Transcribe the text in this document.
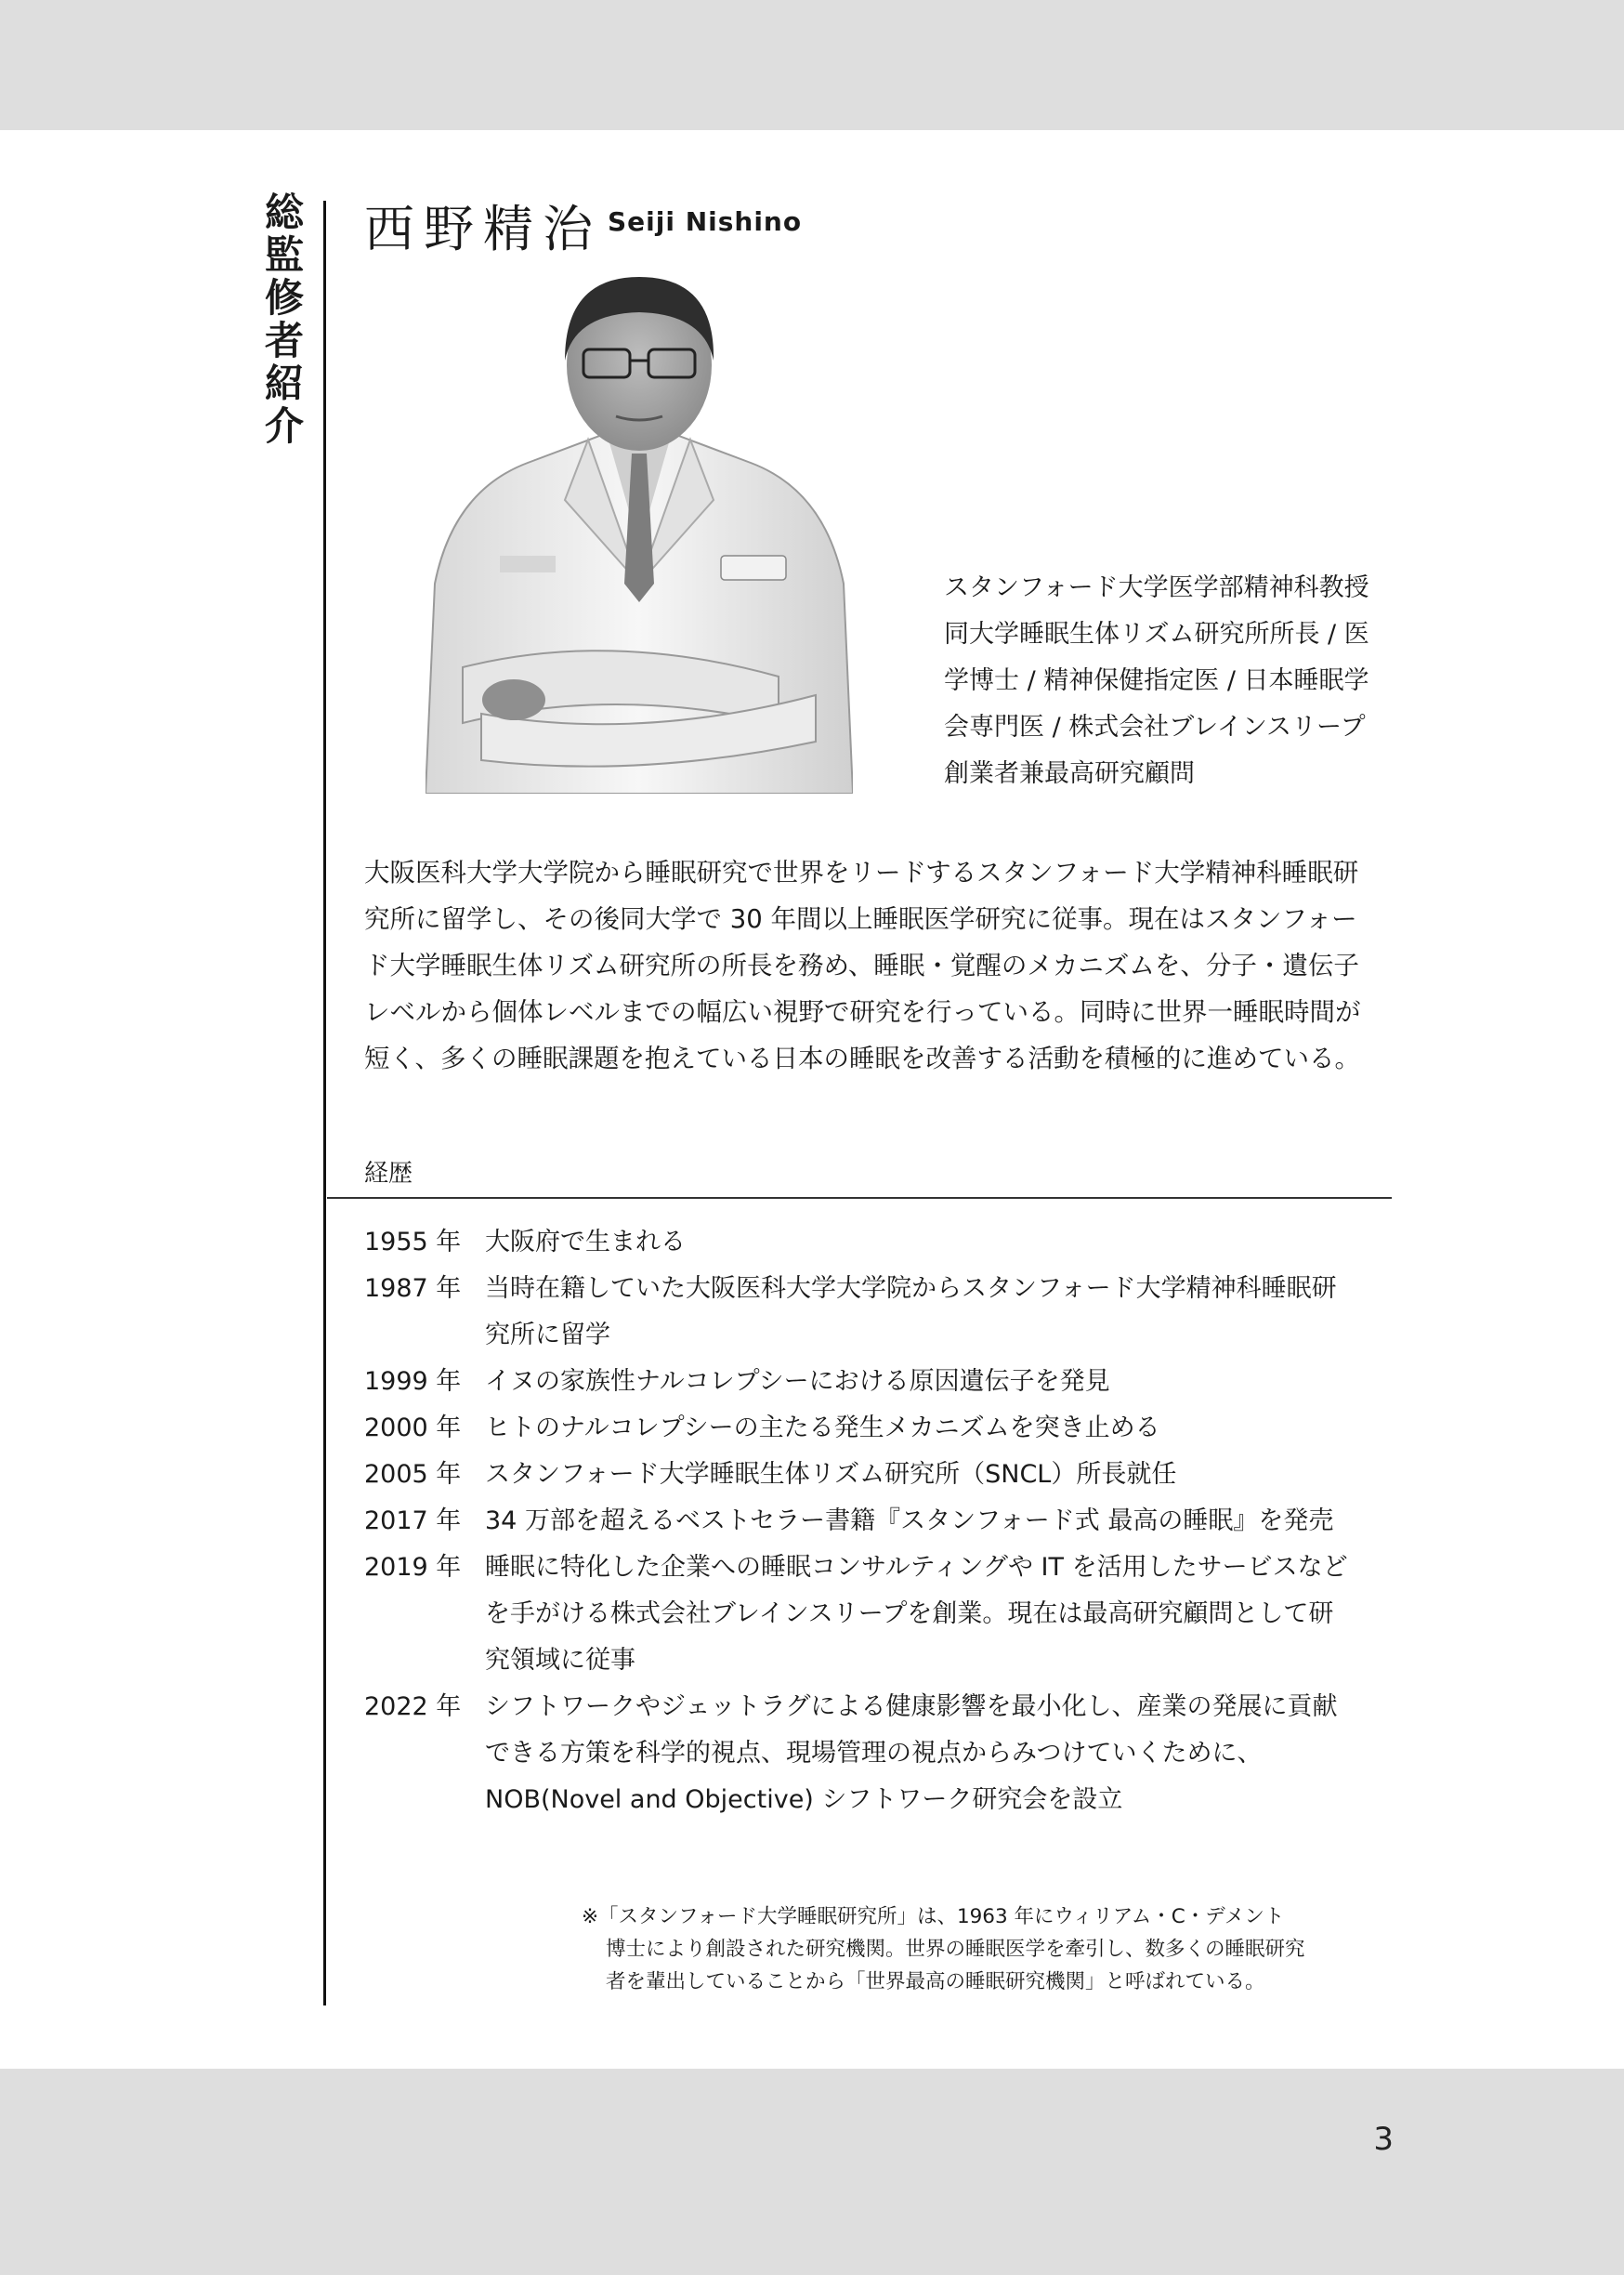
総監修者紹介 西野精治 Seiji Nishino
スタンフォード大学医学部精神科教授
同大学睡眠生体リズム研究所所長 / 医
学博士 / 精神保健指定医 / 日本睡眠学
会専門医 / 株式会社ブレインスリープ
創業者兼最高研究顧問
大阪医科大学大学院から睡眠研究で世界をリードするスタンフォード大学精神科睡眠研
究所に留学し、その後同大学で 30 年間以上睡眠医学研究に従事。現在はスタンフォー
ド大学睡眠生体リズム研究所の所長を務め、睡眠・覚醒のメカニズムを、分子・遺伝子
レベルから個体レベルまでの幅広い視野で研究を行っている。同時に世界一睡眠時間が
短く、多くの睡眠課題を抱えている日本の睡眠を改善する活動を積極的に進めている。
経歴
1955 年 大阪府で生まれる
1987 年 当時在籍していた大阪医科大学大学院からスタンフォード大学精神科睡眠研
究所に留学
1999 年 イヌの家族性ナルコレプシーにおける原因遺伝子を発見
2000 年 ヒトのナルコレプシーの主たる発生メカニズムを突き止める
2005 年 スタンフォード大学睡眠生体リズム研究所（SNCL）所長就任
2017 年 34 万部を超えるベストセラー書籍『スタンフォード式 最高の睡眠』を発売
2019 年 睡眠に特化した企業への睡眠コンサルティングや IT を活用したサービスなど
を手がける株式会社ブレインスリープを創業。現在は最高研究顧問として研
究領域に従事
2022 年 シフトワークやジェットラグによる健康影響を最小化し、産業の発展に貢献
できる方策を科学的視点、現場管理の視点からみつけていくために、
NOB(Novel and Objective) シフトワーク研究会を設立
※「スタンフォード大学睡眠研究所」は、1963 年にウィリアム・C・デメント
博士により創設された研究機関。世界の睡眠医学を牽引し、数多くの睡眠研究
者を輩出していることから「世界最高の睡眠研究機関」と呼ばれている。
3
